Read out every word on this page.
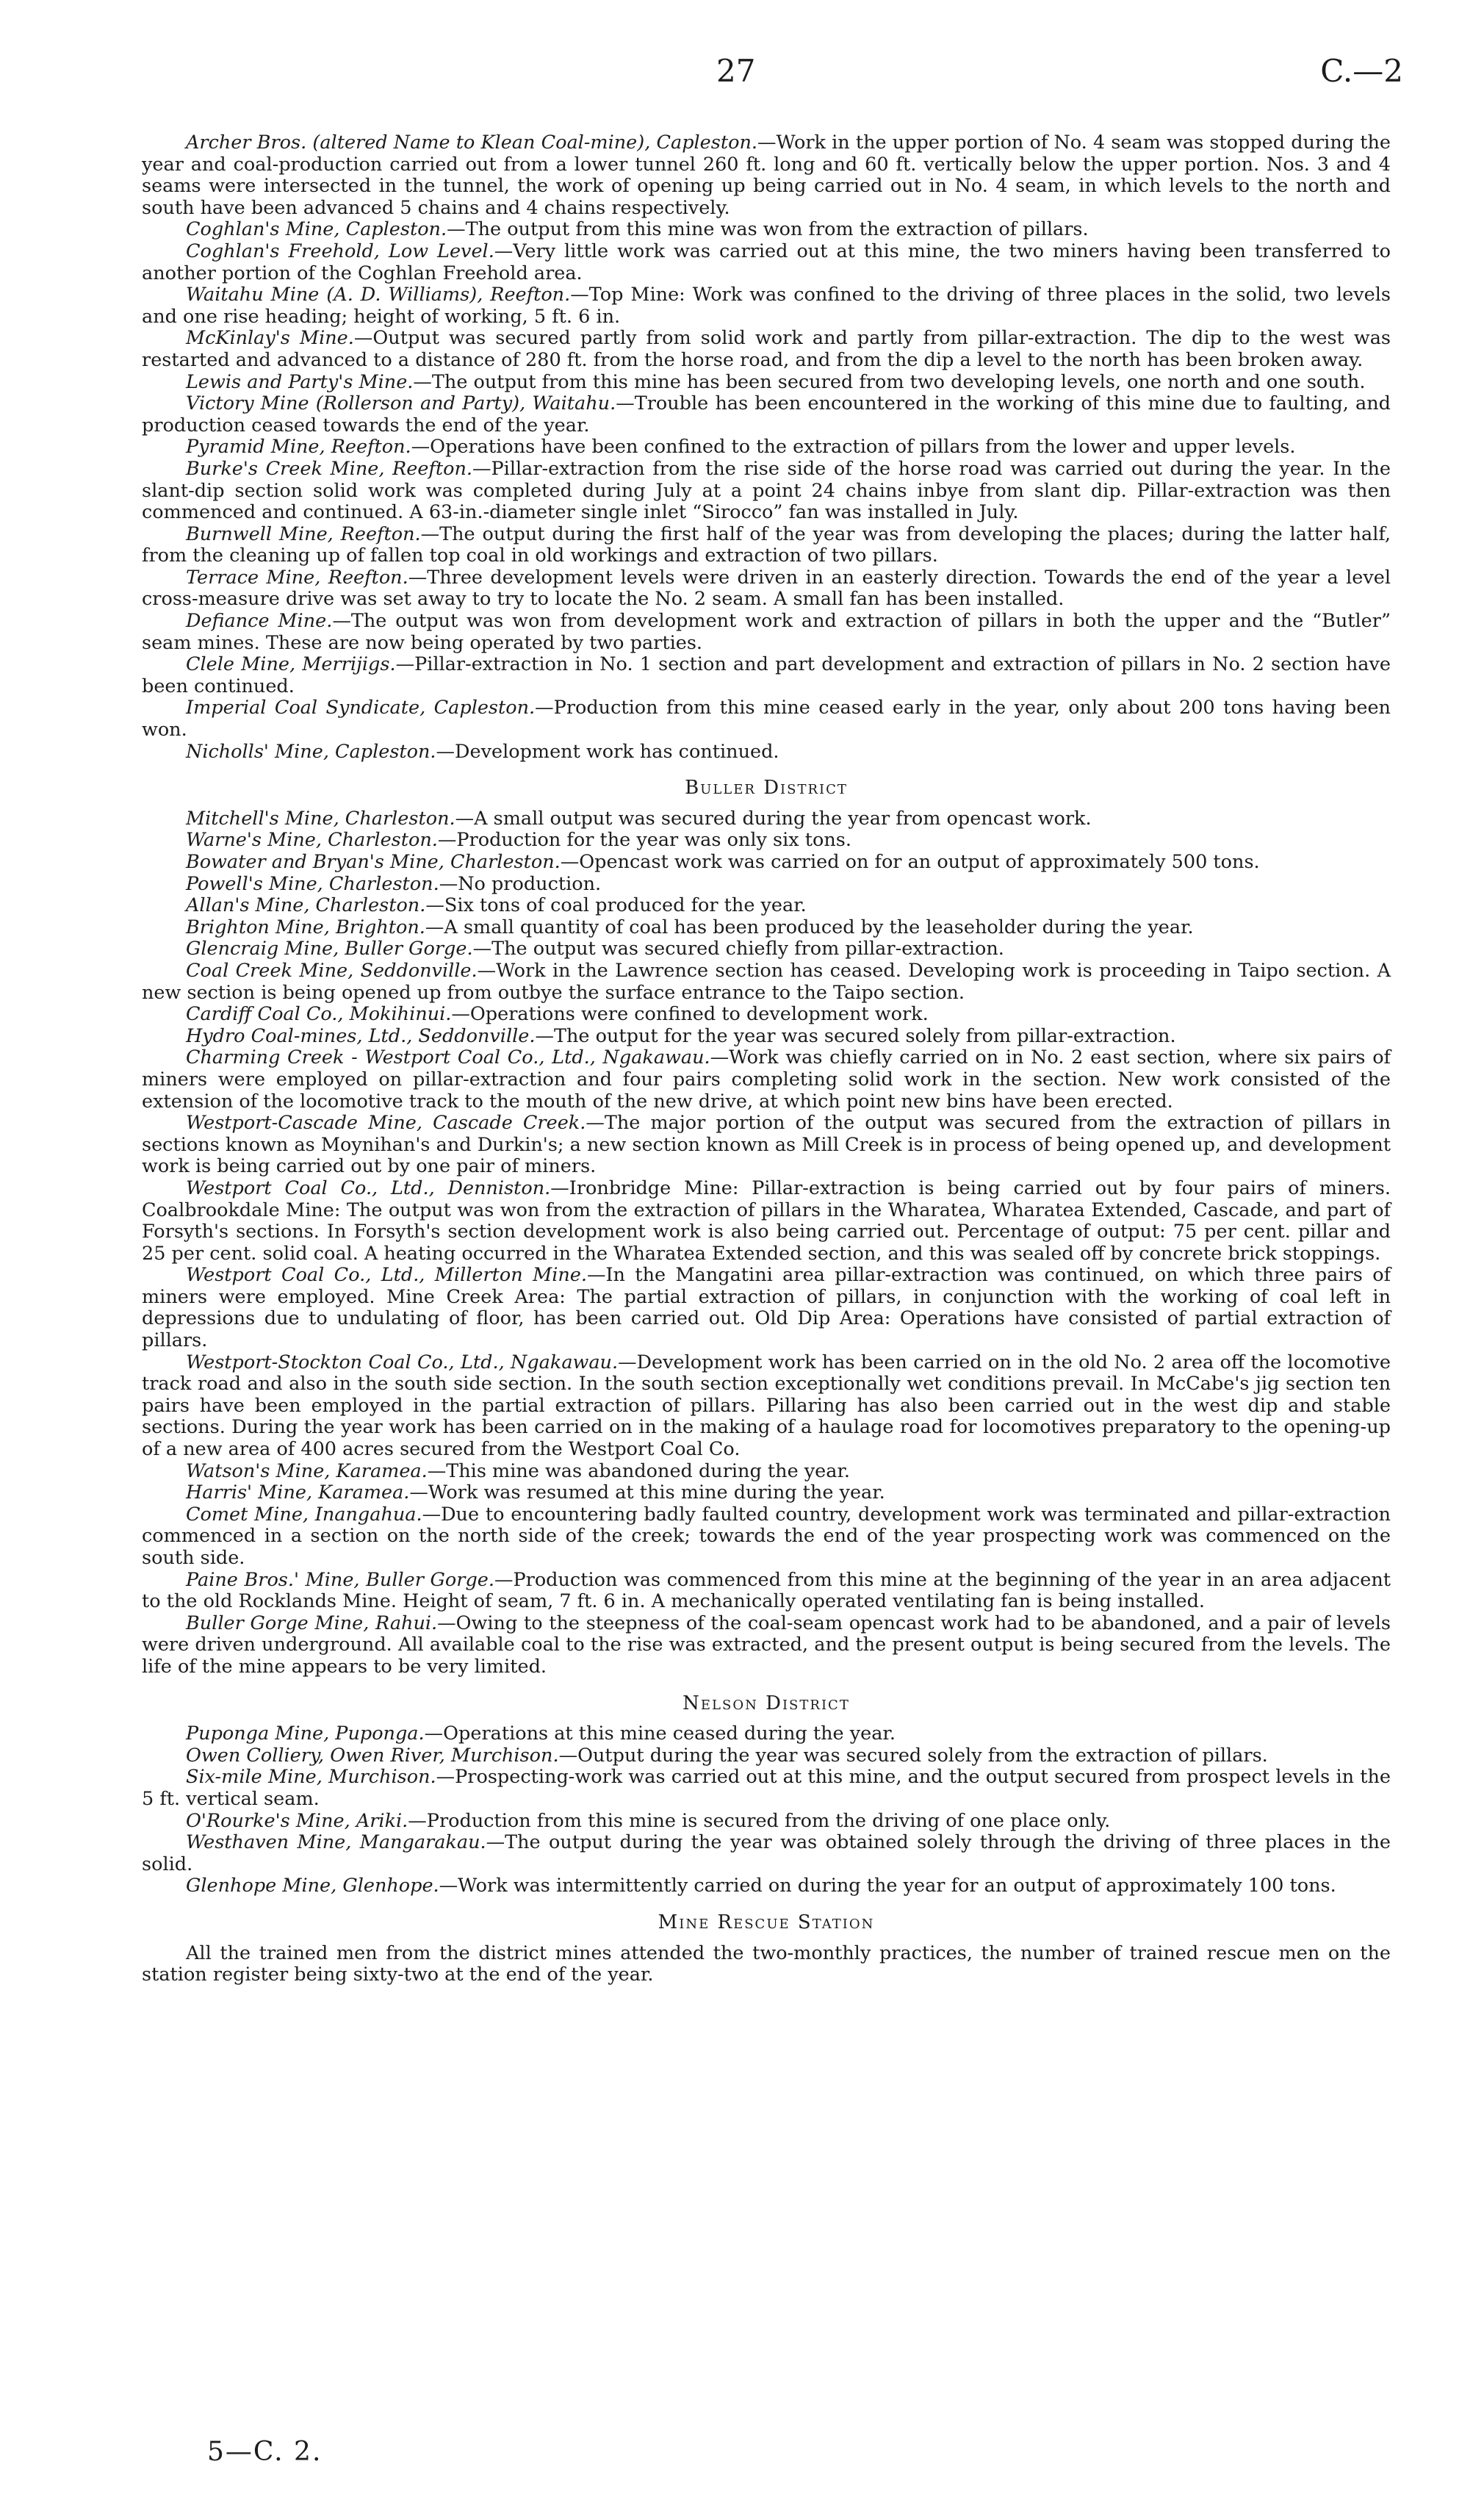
27	C.—2

Archer Bros. (altered Name to Klean Coal-mine), Capleston.—Work in the upper portion of No. 4 seam was stopped during the year and coal-production carried out from a lower tunnel 260 ft. long and 60 ft. vertically below the upper portion. Nos. 3 and 4 seams were intersected in the tunnel, the work of opening up being carried out in No. 4 seam, in which levels to the north and south have been advanced 5 chains and 4 chains respectively.

Coghlan's Mine, Capleston.—The output from this mine was won from the extraction of pillars.

Coghlan's Freehold, Low Level.—Very little work was carried out at this mine, the two miners having been transferred to another portion of the Coghlan Freehold area.

Waitahu Mine (A. D. Williams), Reefton.—Top Mine: Work was confined to the driving of three places in the solid, two levels and one rise heading; height of working, 5 ft. 6 in.

McKinlay's Mine.—Output was secured partly from solid work and partly from pillar-extraction. The dip to the west was restarted and advanced to a distance of 280 ft. from the horse road, and from the dip a level to the north has been broken away.

Lewis and Party's Mine.—The output from this mine has been secured from two developing levels, one north and one south.

Victory Mine (Rollerson and Party), Waitahu.—Trouble has been encountered in the working of this mine due to faulting, and production ceased towards the end of the year.

Pyramid Mine, Reefton.—Operations have been confined to the extraction of pillars from the lower and upper levels.

Burke's Creek Mine, Reefton.—Pillar-extraction from the rise side of the horse road was carried out during the year. In the slant-dip section solid work was completed during July at a point 24 chains inbye from slant dip. Pillar-extraction was then commenced and continued. A 63-in.-diameter single inlet “Sirocco” fan was installed in July.

Burnwell Mine, Reefton.—The output during the first half of the year was from developing the places; during the latter half, from the cleaning up of fallen top coal in old workings and extraction of two pillars.

Terrace Mine, Reefton.—Three development levels were driven in an easterly direction. Towards the end of the year a level cross-measure drive was set away to try to locate the No. 2 seam. A small fan has been installed.

Defiance Mine.—The output was won from development work and extraction of pillars in both the upper and the “Butler” seam mines. These are now being operated by two parties.

Clele Mine, Merrijigs.—Pillar-extraction in No. 1 section and part development and extraction of pillars in No. 2 section have been continued.

Imperial Coal Syndicate, Capleston.—Production from this mine ceased early in the year, only about 200 tons having been won.

Nicholls' Mine, Capleston.—Development work has continued.

Buller District

Mitchell's Mine, Charleston.—A small output was secured during the year from opencast work.

Warne's Mine, Charleston.—Production for the year was only six tons.

Bowater and Bryan's Mine, Charleston.—Opencast work was carried on for an output of approximately 500 tons.

Powell's Mine, Charleston.—No production.

Allan's Mine, Charleston.—Six tons of coal produced for the year.

Brighton Mine, Brighton.—A small quantity of coal has been produced by the leaseholder during the year.

Glencraig Mine, Buller Gorge.—The output was secured chiefly from pillar-extraction.

Coal Creek Mine, Seddonville.—Work in the Lawrence section has ceased. Developing work is proceeding in Taipo section. A new section is being opened up from outbye the surface entrance to the Taipo section.

Cardiff Coal Co., Mokihinui.—Operations were confined to development work.

Hydro Coal-mines, Ltd., Seddonville.—The output for the year was secured solely from pillar-extraction.

Charming Creek - Westport Coal Co., Ltd., Ngakawau.—Work was chiefly carried on in No. 2 east section, where six pairs of miners were employed on pillar-extraction and four pairs completing solid work in the section. New work consisted of the extension of the locomotive track to the mouth of the new drive, at which point new bins have been erected.

Westport-Cascade Mine, Cascade Creek.—The major portion of the output was secured from the extraction of pillars in sections known as Moynihan's and Durkin's; a new section known as Mill Creek is in process of being opened up, and development work is being carried out by one pair of miners.

Westport Coal Co., Ltd., Denniston.—Ironbridge Mine: Pillar-extraction is being carried out by four pairs of miners. Coalbrookdale Mine: The output was won from the extraction of pillars in the Wharatea, Wharatea Extended, Cascade, and part of Forsyth's sections. In Forsyth's section development work is also being carried out. Percentage of output: 75 per cent. pillar and 25 per cent. solid coal. A heating occurred in the Wharatea Extended section, and this was sealed off by concrete brick stoppings.

Westport Coal Co., Ltd., Millerton Mine.—In the Mangatini area pillar-extraction was continued, on which three pairs of miners were employed. Mine Creek Area: The partial extraction of pillars, in conjunction with the working of coal left in depressions due to undulating of floor, has been carried out. Old Dip Area: Operations have consisted of partial extraction of pillars.

Westport-Stockton Coal Co., Ltd., Ngakawau.—Development work has been carried on in the old No. 2 area off the locomotive track road and also in the south side section. In the south section exceptionally wet conditions prevail. In McCabe's jig section ten pairs have been employed in the partial extraction of pillars. Pillaring has also been carried out in the west dip and stable sections. During the year work has been carried on in the making of a haulage road for locomotives preparatory to the opening-up of a new area of 400 acres secured from the Westport Coal Co.

Watson's Mine, Karamea.—This mine was abandoned during the year.

Harris' Mine, Karamea.—Work was resumed at this mine during the year.

Comet Mine, Inangahua.—Due to encountering badly faulted country, development work was terminated and pillar-extraction commenced in a section on the north side of the creek; towards the end of the year prospecting work was commenced on the south side.

Paine Bros.' Mine, Buller Gorge.—Production was commenced from this mine at the beginning of the year in an area adjacent to the old Rocklands Mine. Height of seam, 7 ft. 6 in. A mechanically operated ventilating fan is being installed.

Buller Gorge Mine, Rahui.—Owing to the steepness of the coal-seam opencast work had to be abandoned, and a pair of levels were driven underground. All available coal to the rise was extracted, and the present output is being secured from the levels. The life of the mine appears to be very limited.

Nelson District

Puponga Mine, Puponga.—Operations at this mine ceased during the year.

Owen Colliery, Owen River, Murchison.—Output during the year was secured solely from the extraction of pillars.

Six-mile Mine, Murchison.—Prospecting-work was carried out at this mine, and the output secured from prospect levels in the 5 ft. vertical seam.

O'Rourke's Mine, Ariki.—Production from this mine is secured from the driving of one place only.

Westhaven Mine, Mangarakau.—The output during the year was obtained solely through the driving of three places in the solid.

Glenhope Mine, Glenhope.—Work was intermittently carried on during the year for an output of approximately 100 tons.

Mine Rescue Station

All the trained men from the district mines attended the two-monthly practices, the number of trained rescue men on the station register being sixty-two at the end of the year.

5—C. 2.
